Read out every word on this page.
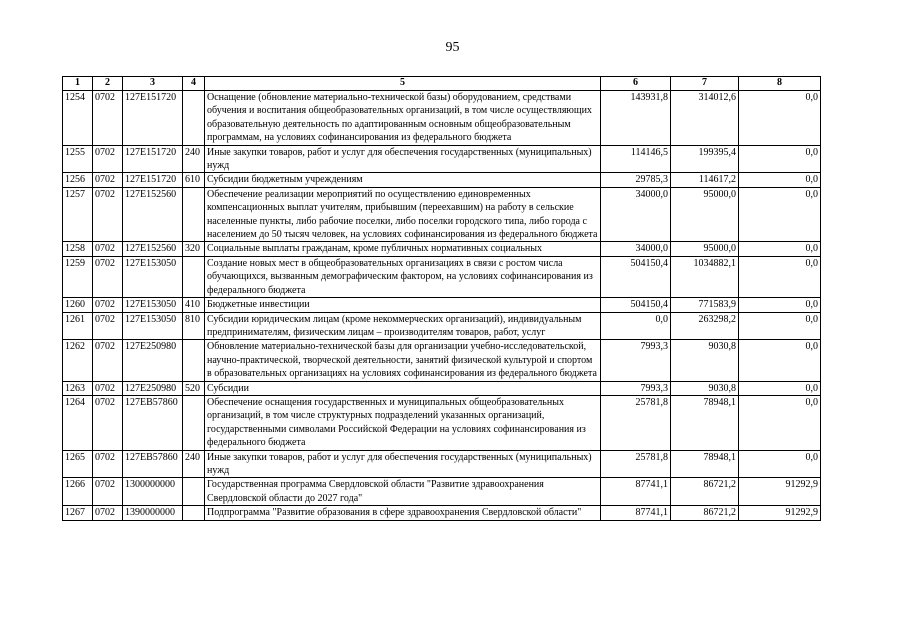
95
1	2	3	4	5	6	7	8
1254	0702	127E151720		Оснащение (обновление материально-технической базы) оборудованием, средствами обучения и воспитания общеобразовательных организаций, в том числе осуществляющих образовательную деятельность по адаптированным основным общеобразовательным программам, на условиях софинансирования из федерального бюджета	143931,8	314012,6	0,0
1255	0702	127E151720	240	Иные закупки товаров, работ и услуг для обеспечения государственных (муниципальных) нужд	114146,5	199395,4	0,0
1256	0702	127E151720	610	Субсидии бюджетным учреждениям	29785,3	114617,2	0,0
1257	0702	127E152560		Обеспечение реализации мероприятий по осуществлению единовременных компенсационных выплат учителям, прибывшим (переехавшим) на работу в сельские населенные пункты, либо рабочие поселки, либо поселки городского типа, либо города с населением до 50 тысяч человек, на условиях софинансирования из федерального бюджета	34000,0	95000,0	0,0
1258	0702	127E152560	320	Социальные выплаты гражданам, кроме публичных нормативных социальных	34000,0	95000,0	0,0
1259	0702	127E153050		Создание новых мест в общеобразовательных организациях в связи с ростом числа обучающихся, вызванным демографическим фактором, на условиях софинансирования из федерального бюджета	504150,4	1034882,1	0,0
1260	0702	127E153050	410	Бюджетные инвестиции	504150,4	771583,9	0,0
1261	0702	127E153050	810	Субсидии юридическим лицам (кроме некоммерческих организаций), индивидуальным предпринимателям, физическим лицам – производителям товаров, работ, услуг	0,0	263298,2	0,0
1262	0702	127E250980		Обновление материально-технической базы для организации учебно-исследовательской, научно-практической, творческой деятельности, занятий физической культурой и спортом в образовательных организациях на условиях софинансирования из федерального бюджета	7993,3	9030,8	0,0
1263	0702	127E250980	520	Субсидии	7993,3	9030,8	0,0
1264	0702	127EB57860		Обеспечение оснащения государственных и муниципальных общеобразовательных организаций, в том числе структурных подразделений указанных организаций, государственными символами Российской Федерации на условиях софинансирования из федерального бюджета	25781,8	78948,1	0,0
1265	0702	127EB57860	240	Иные закупки товаров, работ и услуг для обеспечения государственных (муниципальных) нужд	25781,8	78948,1	0,0
1266	0702	1300000000		Государственная программа Свердловской области "Развитие здравоохранения Свердловской области до 2027 года"	87741,1	86721,2	91292,9
1267	0702	1390000000		Подпрограмма "Развитие образования в сфере здравоохранения Свердловской области"	87741,1	86721,2	91292,9
